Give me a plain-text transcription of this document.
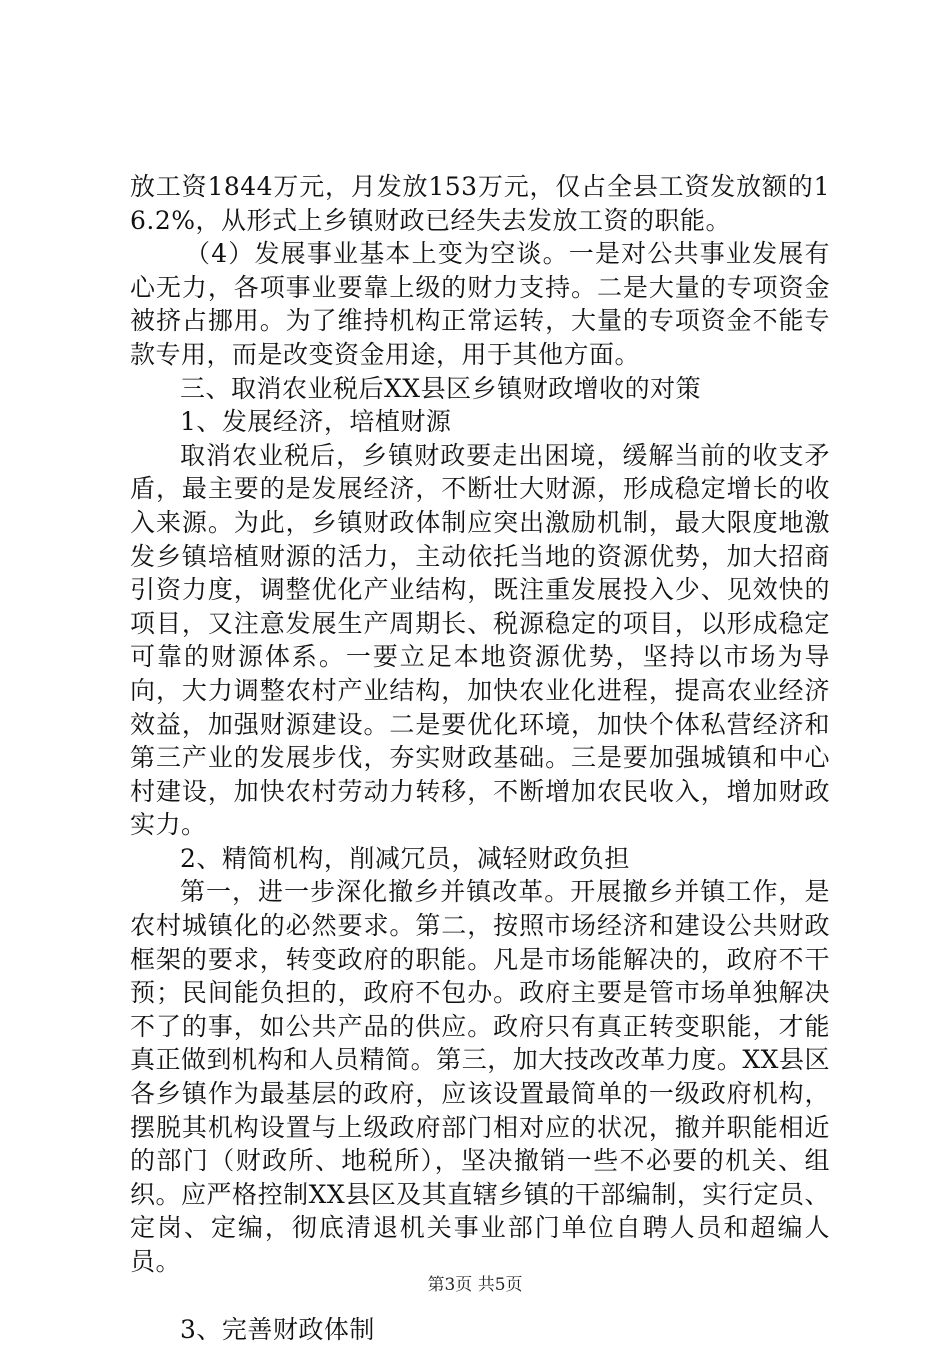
放工资1844万元，月发放153万元，仅占全县工资发放额的16.2%，从形式上乡镇财政已经失去发放工资的职能。

（4）发展事业基本上变为空谈。一是对公共事业发展有心无力，各项事业要靠上级的财力支持。二是大量的专项资金被挤占挪用。为了维持机构正常运转，大量的专项资金不能专款专用，而是改变资金用途，用于其他方面。

三、取消农业税后XX县区乡镇财政增收的对策

1、发展经济，培植财源

取消农业税后，乡镇财政要走出困境，缓解当前的收支矛盾，最主要的是发展经济，不断壮大财源，形成稳定增长的收入来源。为此，乡镇财政体制应突出激励机制，最大限度地激发乡镇培植财源的活力，主动依托当地的资源优势，加大招商引资力度，调整优化产业结构，既注重发展投入少、见效快的项目，又注意发展生产周期长、税源稳定的项目，以形成稳定可靠的财源体系。一要立足本地资源优势，坚持以市场为导向，大力调整农村产业结构，加快农业化进程，提高农业经济效益，加强财源建设。二是要优化环境，加快个体私营经济和第三产业的发展步伐，夯实财政基础。三是要加强城镇和中心村建设，加快农村劳动力转移，不断增加农民收入，增加财政实力。

2、精简机构，削减冗员，减轻财政负担

第一，进一步深化撤乡并镇改革。开展撤乡并镇工作，是农村城镇化的必然要求。第二，按照市场经济和建设公共财政框架的要求，转变政府的职能。凡是市场能解决的，政府不干预；民间能负担的，政府不包办。政府主要是管市场单独解决不了的事，如公共产品的供应。政府只有真正转变职能，才能真正做到机构和人员精简。第三，加大技改改革力度。XX县区各乡镇作为最基层的政府，应该设置最简单的一级政府机构，摆脱其机构设置与上级政府部门相对应的状况，撤并职能相近的部门（财政所、地税所），坚决撤销一些不必要的机关、组织。应严格控制XX县区及其直辖乡镇的干部编制，实行定员、定岗、定编，彻底清退机关事业部门单位自聘人员和超编人员。

3、完善财政体制

第3页 共5页
